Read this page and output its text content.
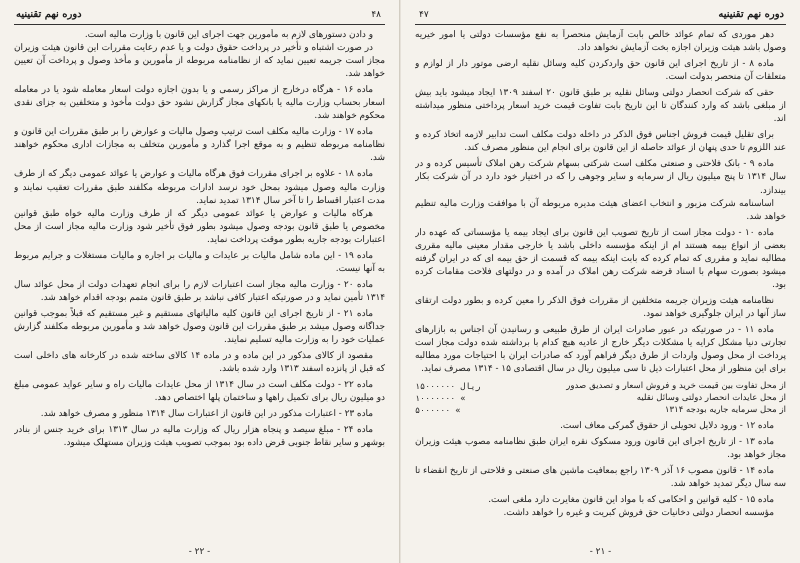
دوره نهم تقنینیه	۴۸

و دادن دستورهای لازم به مأمورین جهت اجرای این قانون با وزارت مالیه است.

در صورت اشتباه و تأخیر در پرداخت حقوق دولت و یا عدم رعایت مقررات این قانون هیئت وزیران مجاز است جریمه تعیین نماید که از نظامنامه مربوطه از مأمورین و مأخذ وصول و پرداخت آن تعیین خواهد شد.

ماده ۱۶ - هرگاه درخارج از مراکز رسمی و یا بدون اجازه دولت اسعار معامله شود یا در معامله اسعار بحساب وزارت مالیه یا بانکهای مجاز گزارش نشود حق دولت مأخوذ و متخلفین به جزای نقدی محکوم خواهند شد.

ماده ۱۷ - وزارت مالیه مکلف است ترتیب وصول مالیات و عوارض را بر طبق مقررات این قانون و نظامنامه مربوطه تنظیم و به موقع اجرا گذارد و مأمورین متخلف به مجازات اداری محکوم خواهند شد.

ماده ۱۸ - علاوه بر اجرای مقررات فوق هرگاه مالیات و عوارض یا عوائد عمومی دیگر که از طرف وزارت مالیه وصول میشود بمحل خود نرسد ادارات مربوطه مکلفند طبق مقررات تعقیب نمایند و مدت اعتبار اقساط را تا آخر سال ۱۳۱۴ تمدید نماید.

هرکاه مالیات و عوارض یا عوائد عمومی دیگر که از طرف وزارت مالیه خواه طبق قوانین مخصوص یا طبق قانون بودجه وصول میشود بطور فوق تأخیر شود وزارت مالیه مجاز است از محل اعتبارات بودجه جاریه بطور موقت پرداخت نماید.

ماده ۱۹ - این ماده شامل مالیات بر عایدات و مالیات بر اجاره و مالیات مستغلات و جرایم مربوط به آنها نیست.

ماده ۲۰ - وزارت مالیه مجاز است اعتبارات لازم را برای انجام تعهدات دولت از محل عوائد سال ۱۳۱۴ تأمین نماید و در صورتیکه اعتبار کافی نباشد بر طبق قانون متمم بودجه اقدام خواهد شد.

ماده ۲۱ - از تاریخ اجرای این قانون کلیه مالیاتهای مستقیم و غیر مستقیم که قبلاً بموجب قوانین جداگانه وصول میشد بر طبق مقررات این قانون وصول خواهد شد و مأمورین مربوطه مکلفند گزارش عملیات خود را به وزارت مالیه تسلیم نمایند.

مقصود از کالای مذکور در این ماده و در ماده ۱۴ کالای ساخته شده در کارخانه های داخلی است که قبل از پانزده اسفند ۱۳۱۳ وارد شده باشد.

ماده ۲۲ - دولت مکلف است در سال ۱۳۱۴ از محل عایدات مالیات راه و سایر عواید عمومی مبلغ دو میلیون ریال برای تکمیل راهها و ساختمان پلها اختصاص دهد.

ماده ۲۳ - اعتبارات مذکور در این قانون از اعتبارات سال ۱۳۱۴ منظور و مصرف خواهد شد.

ماده ۲۴ - مبلغ سیصد و پنجاه هزار ریال که وزارت مالیه در سال ۱۳۱۳ برای خرید جنس از بنادر بوشهر و سایر نقاط جنوبی قرض داده بود بموجب تصویب هیئت وزیران مستهلک میشود.

- ۲۲ -
دوره نهم تقنینیه
۴۷

دهر موردی که تمام عوائد خالص بابت آزمایش منحصراً به نفع مؤسسات دولتی یا امور خیریه وصول باشد هیئت وزیران اجازه بخت آزمایش نخواهد داد.

ماده ۸ - از تاریخ اجرای این قانون حق واردکردن کلیه وسائل نقلیه ارضی موتور دار از لوازم و متعلقات آن منحصر بدولت است.

حقی که شرکت انحصار دولتی وسائل نقلیه بر طبق قانون ۲۰ اسفند ۱۳۰۹ ایجاد میشود باید بیش از مبلغی باشد که وارد کنندگان تا این تاریخ بابت تفاوت قیمت خرید اسعار پرداختی منظور میداشته اند.

برای تقلیل قیمت فروش اجناس فوق الذکر در داخله دولت مکلف است تدابیر لازمه اتخاذ کرده و عند اللزوم تا حدی پنهان از عوائد حاصله از این قانون برای انجام این منظور مصرف کند.

ماده ۹ - بانک فلاحتی و صنعتی مکلف است شرکتی بسهام شرکت رهن املاک تأسیس کرده و در سال ۱۳۱۴ تا پنج میلیون ریال از سرمایه و سایر وجوهی را که در اختیار خود دارد در آن شرکت بکار بیندازد.

اساسنامه شرکت مزبور و انتخاب اعضای هیئت مدیره مربوطه آن با موافقت وزارت مالیه تنظیم خواهد شد.

ماده ۱۰ - دولت مجاز است از تاریخ تصویب این قانون برای ایجاد بیمه یا مؤسساتی که عهده دار بعضی از انواع بیمه هستند ام از اینکه مؤسسه داخلی باشد یا خارجی مقدار معینی مالیه مقرری مطالبه نماید و مقرری که تمام کرده که بابت اینکه بیمه که قسمت از حق بیمه ای که در ایران گرفته میشود بصورت سهام با اسناد قرضه شرکت رهن املاک در آمده و در دولتهای فلاحت مقامات کرده بود.

نظامنامه هیئت وزیران جریمه متخلفین از مقررات فوق الذکر را معین کرده و بطور دولت ارتقای ساز آنها در ایران جلوگیری خواهد نمود.

ماده ۱۱ - در صورتیکه در عبور صادرات ایران از طرق طبیعی و رسانیدن آن اجناس به بازارهای تجارتی دنیا مشکل کرایه یا مشکلات دیگر خارج از عادیه هیچ کدام با برداشته شده دولت مجاز است پرداخت از محل وصول واردات از طرق دیگر فراهم آورد که صادرات ایران با احتیاجات مورد مطالبه برای این منظور از محل اعتبارات ذیل تا سی میلیون ریال در سال اقتصادی ۱۵ - ۱۳۱۴ مصرف نماید.

از محل تفاوت بین قیمت خرید و فروش اسعار و تصدیق صدور
۱۵۰۰۰۰۰۰ ریال
از محل عایدات انحصار دولتی وسائل نقلیه
۱۰۰۰۰۰۰۰ «
از محل سرمایه جاریه بودجه ۱۳۱۴
۵۰۰۰۰۰۰ «

ماده ۱۲ - ورود دلایل تحویلی از حقوق گمرکی معاف است.

ماده ۱۳ - از تاریخ اجرای این قانون ورود مسکوک نقره ایران طبق نظامنامه مصوب هیئت وزیران مجاز خواهد بود.

ماده ۱۴ - قانون مصوب ۱۶ آذر ۱۳۰۹ راجع بمعافیت ماشین های صنعتی و فلاحتی از تاریخ انقضاء تا سه سال دیگر تمدید خواهد شد.

ماده ۱۵ - کلیه قوانین و احکامی که با مواد این قانون مغایرت دارد ملغی است.

مؤسسه انحصار دولتی دخانیات حق فروش کبریت و غیره را خواهد داشت.

- ۲۱ -
